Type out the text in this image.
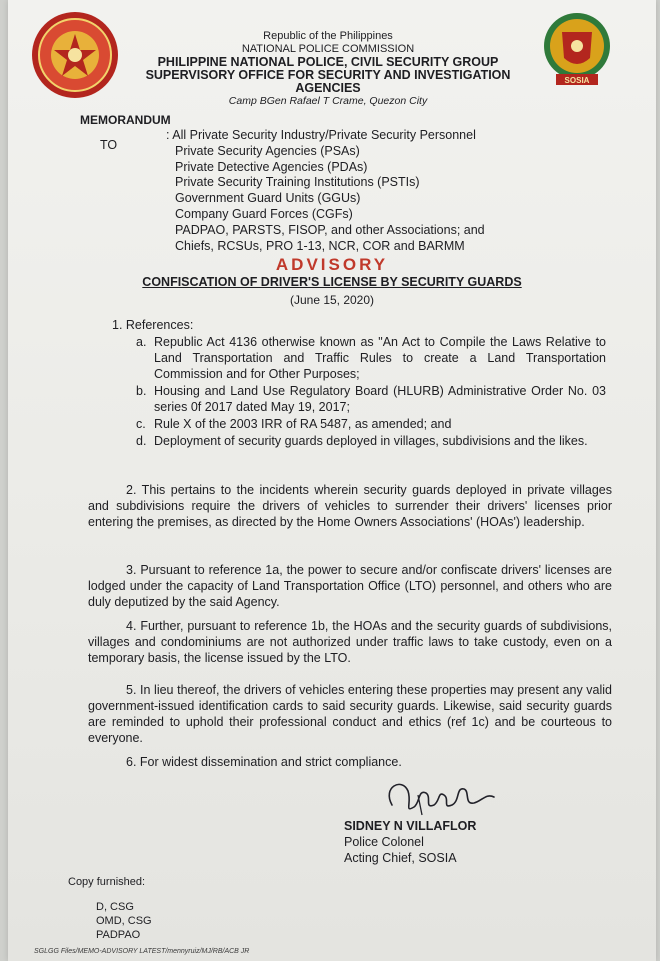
SOSIA
Republic of the Philippines
NATIONAL POLICE COMMISSION
PHILIPPINE NATIONAL POLICE, CIVIL SECURITY GROUP
SUPERVISORY OFFICE FOR SECURITY AND INVESTIGATION AGENCIES
Camp BGen Rafael T Crame, Quezon City
MEMORANDUM
TO
: All Private Security Industry/Private Security Personnel
Private Security Agencies (PSAs)
Private Detective Agencies (PDAs)
Private Security Training Institutions (PSTIs)
Government Guard Units (GGUs)
Company Guard Forces (CGFs)
PADPAO, PARSTS, FISOP, and other Associations; and
Chiefs, RCSUs, PRO 1-13, NCR, COR and BARMM
ADVISORY
CONFISCATION OF DRIVER'S LICENSE BY SECURITY GUARDS
(June 15, 2020)
1. References:
a. Republic Act 4136 otherwise known as "An Act to Compile the Laws Relative to Land Transportation and Traffic Rules to create a Land Transportation Commission and for Other Purposes;
b. Housing and Land Use Regulatory Board (HLURB) Administrative Order No. 03 series 0f 2017 dated May 19, 2017;
c. Rule X of the 2003 IRR of RA 5487, as amended; and
d. Deployment of security guards deployed in villages, subdivisions and the likes.

2. This pertains to the incidents wherein security guards deployed in private villages and subdivisions require the drivers of vehicles to surrender their drivers' licenses prior entering the premises, as directed by the Home Owners Associations' (HOAs') leadership.

3. Pursuant to reference 1a, the power to secure and/or confiscate drivers' licenses are lodged under the capacity of Land Transportation Office (LTO) personnel, and others who are duly deputized by the said Agency.

4. Further, pursuant to reference 1b, the HOAs and the security guards of subdivisions, villages and condominiums are not authorized under traffic laws to take custody, even on a temporary basis, the license issued by the LTO.

5. In lieu thereof, the drivers of vehicles entering these properties may present any valid government-issued identification cards to said security guards. Likewise, said security guards are reminded to uphold their professional conduct and ethics (ref 1c) and be courteous to everyone.

6. For widest dissemination and strict compliance.

SIDNEY N VILLAFLOR
Police Colonel
Acting Chief, SOSIA
Copy furnished:
D, CSG
OMD, CSG
PADPAO
SGLGG Files/MEMO-ADVISORY LATEST/mennyruiz/MJ/RB/ACB JR
